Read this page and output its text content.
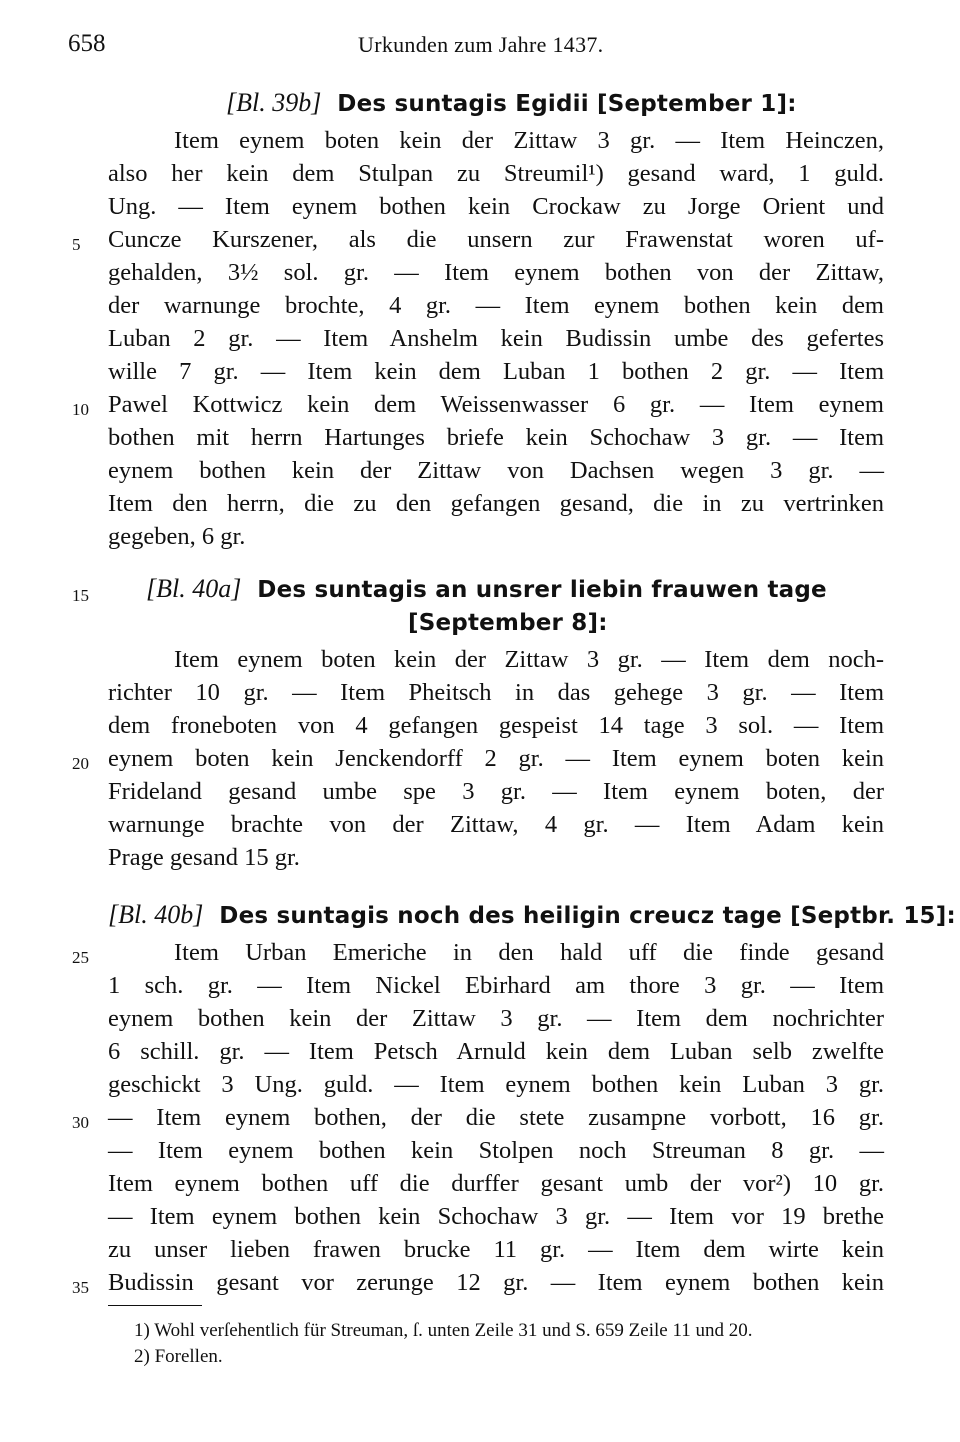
658	Urkunden zum Jahre 1437.
[Bl. 39b] Des suntagis Egidii [September 1]:
Item eynem boten kein der Zittaw 3 gr. — Item Heinczen,
also her kein dem Stulpan zu Streumil¹) gesand ward, 1 guld.
Ung. — Item eynem bothen kein Crockaw zu Jorge Orient und
Cuncze Kurszener, als die unsern zur Frawenstat woren uf-
gehalden, 3½ sol. gr. — Item eynem bothen von der Zittaw,
der warnunge brochte, 4 gr. — Item eynem bothen kein dem
Luban 2 gr. — Item Anshelm kein Budissin umbe des gefertes
wille 7 gr. — Item kein dem Luban 1 bothen 2 gr. — Item
Pawel Kottwicz kein dem Weissenwasser 6 gr. — Item eynem
bothen mit herrn Hartunges briefe kein Schochaw 3 gr. — Item
eynem bothen kein der Zittaw von Dachsen wegen 3 gr. —
Item den herrn, die zu den gefangen gesand, die in zu vertrinken
gegeben, 6 gr.
[Bl. 40a] Des suntagis an unsrer liebin frauwen tage
[September 8]:
Item eynem boten kein der Zittaw 3 gr. — Item dem noch-
richter 10 gr. — Item Pheitsch in das gehege 3 gr. — Item
dem froneboten von 4 gefangen gespeist 14 tage 3 sol. — Item
eynem boten kein Jenckendorff 2 gr. — Item eynem boten kein
Frideland gesand umbe spe 3 gr. — Item eynem boten, der
warnunge brachte von der Zittaw, 4 gr. — Item Adam kein
Prage gesand 15 gr.
[Bl. 40b] Des suntagis noch des heiligin creucz tage [Septbr. 15]:
Item Urban Emeriche in den hald uff die finde gesand
1 sch. gr. — Item Nickel Ebirhard am thore 3 gr. — Item
eynem bothen kein der Zittaw 3 gr. — Item dem nochrichter
6 schill. gr. — Item Petsch Arnuld kein dem Luban selb zwelfte
geschickt 3 Ung. guld. — Item eynem bothen kein Luban 3 gr.
— Item eynem bothen, der die stete zusampne vorbott, 16 gr.
— Item eynem bothen kein Stolpen noch Streuman 8 gr. —
Item eynem bothen uff die durffer gesant umb der vor²) 10 gr.
— Item eynem bothen kein Schochaw 3 gr. — Item vor 19 brethe
zu unser lieben frawen brucke 11 gr. — Item dem wirte kein
Budissin gesant vor zerunge 12 gr. — Item eynem bothen kein
5
10
15
20
25
30
35
1) Wohl verſehentlich für Streuman, ſ. unten Zeile 31 und S. 659 Zeile 11 und 20.
2) Forellen.
